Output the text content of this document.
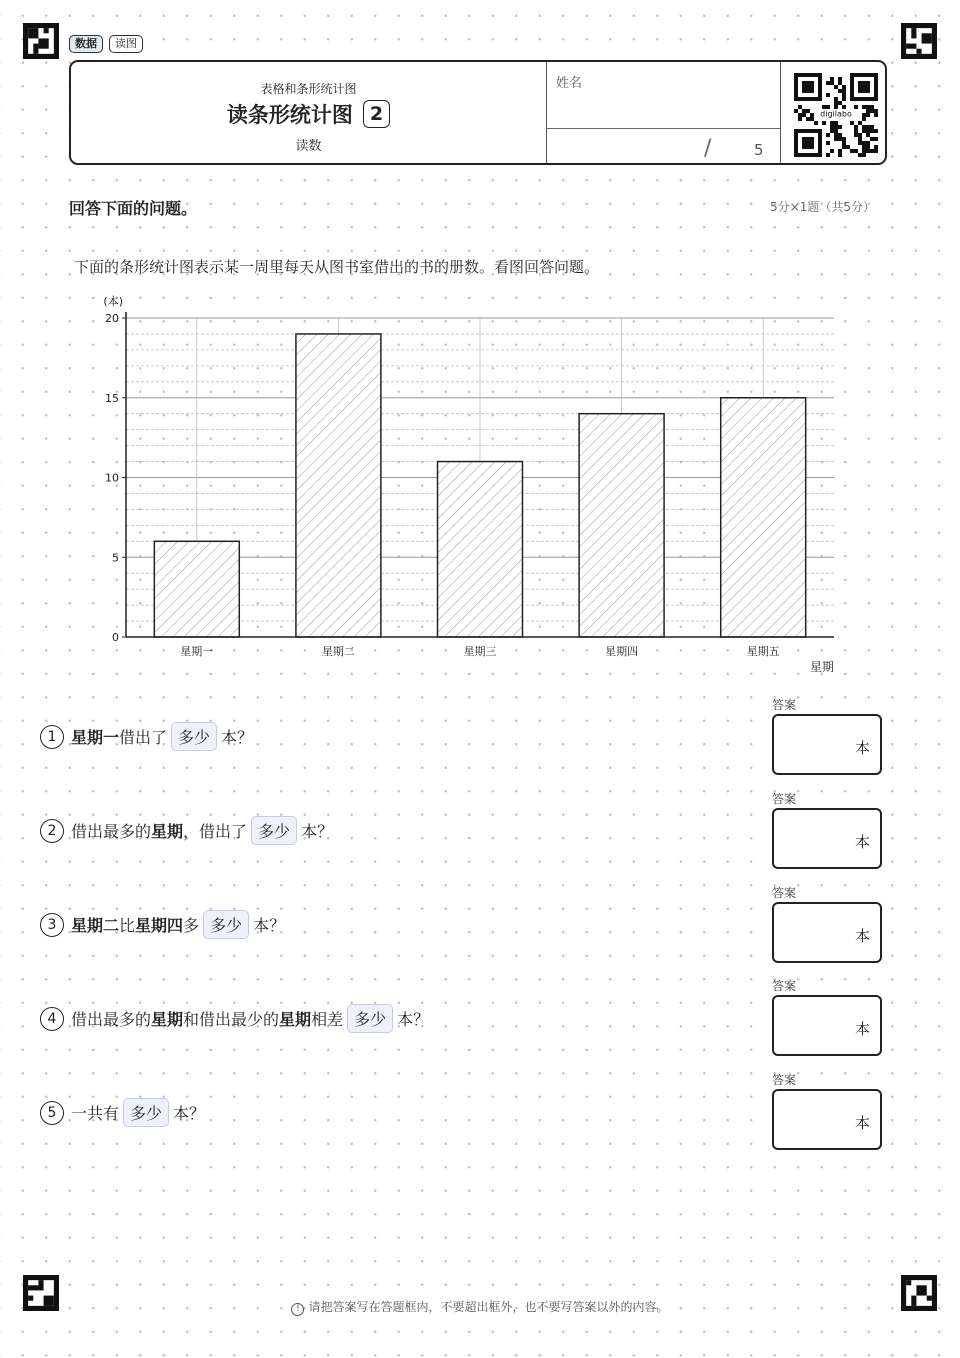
数据	读图
表格和条形统计图
读条形统计图 2
读数
姓名
/	5
digilabo
回答下面的问题。	5分×1题（共5分）
下面的条形统计图表示某一周里每天从图书室借出的书的册数。看图回答问题。
星期一	星期二	星期三	星期四	星期五
0
5
10
15
20
(本)
星期
1 星期一借出了 多少 本？
2 借出最多的星期，借出了 多少 本？
3 星期二比星期四多 多少 本？
4 借出最多的星期和借出最少的星期相差 多少 本？
5 一共有 多少 本？
答案
本
答案
本
答案
本
答案
本
答案
本
! 请把答案写在答题框内，不要超出框外，也不要写答案以外的内容。
